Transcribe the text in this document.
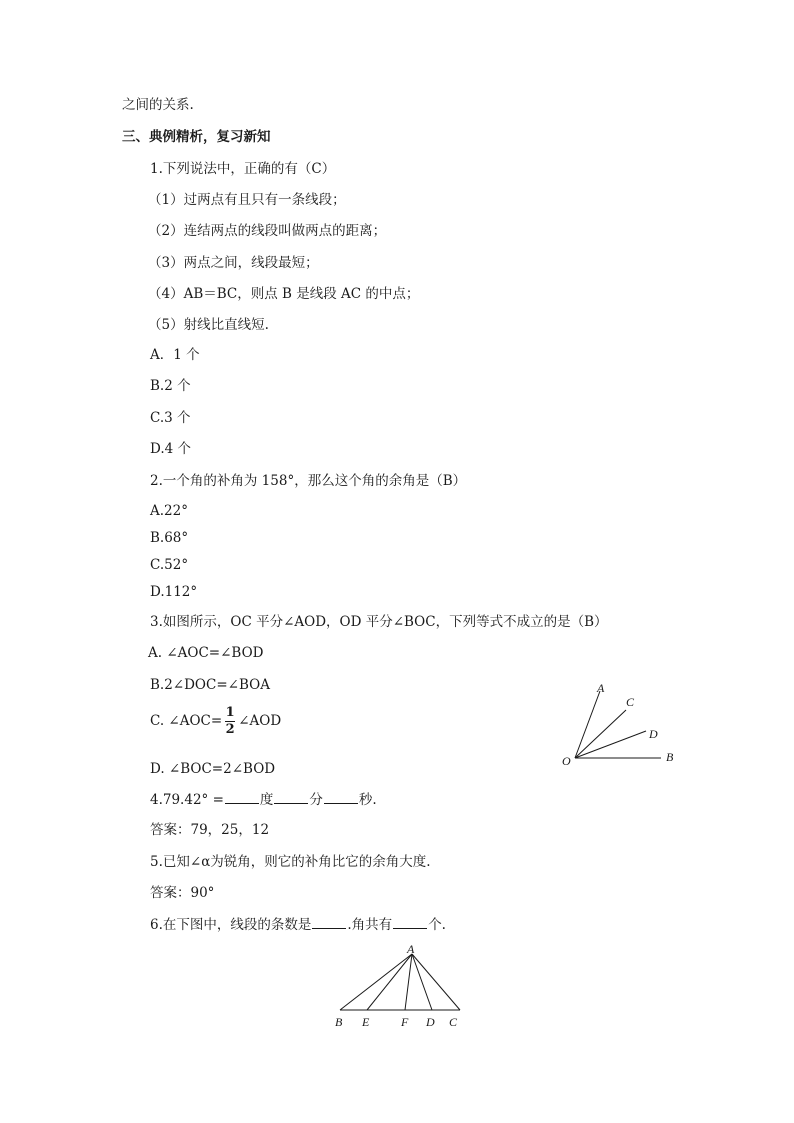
之间的关系.
三、典例精析，复习新知
1.下列说法中，正确的有（C）
（1）过两点有且只有一条线段；
（2）连结两点的线段叫做两点的距离；
（3）两点之间，线段最短；
（4）AB＝BC，则点 B 是线段 AC 的中点；
（5）射线比直线短.
A．1 个
B.2 个
C.3 个
D.4 个
2.一个角的补角为 158°，那么这个角的余角是（B）
A.22°
B.68°
C.52°
D.112°
3.如图所示，OC 平分∠AOD，OD 平分∠BOC，下列等式不成立的是（B）
A. ∠AOC=∠BOD
B.2∠DOC=∠BOA
C. ∠AOC= $\frac{1}{2}$ ∠AOD
D. ∠BOC=2∠BOD
A
C
D
B
O
4.79.42° =	度	分	秒.
答案：79，25，12
5.已知∠α为锐角，则它的补角比它的余角大度.
答案：90°
6.在下图中，线段的条数是	.角共有	个.
A
B E	F D C
